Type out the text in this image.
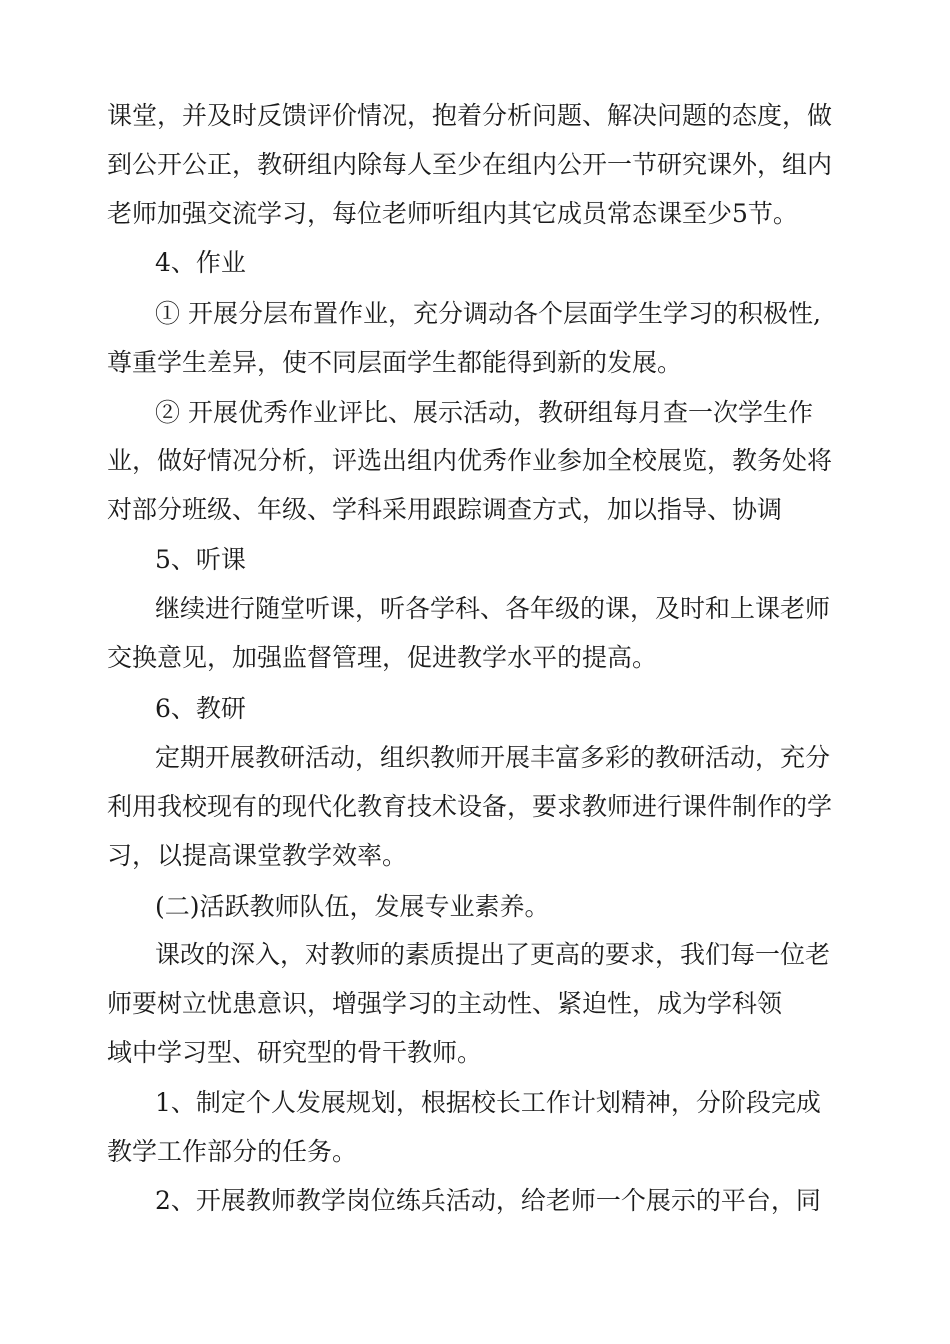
课堂，并及时反馈评价情况，抱着分析问题、解决问题的态度，做
到公开公正，教研组内除每人至少在组内公开一节研究课外，组内
老师加强交流学习，每位老师听组内其它成员常态课至少5节。
4、作业
① 开展分层布置作业，充分调动各个层面学生学习的积极性,
尊重学生差异，使不同层面学生都能得到新的发展。
② 开展优秀作业评比、展示活动，教研组每月查一次学生作
业，做好情况分析，评选出组内优秀作业参加全校展览，教务处将
对部分班级、年级、学科采用跟踪调查方式，加以指导、协调
5、听课
继续进行随堂听课，听各学科、各年级的课，及时和上课老师
交换意见，加强监督管理，促进教学水平的提高。
6、教研
定期开展教研活动，组织教师开展丰富多彩的教研活动，充分
利用我校现有的现代化教育技术设备，要求教师进行课件制作的学
习，以提高课堂教学效率。
(二)活跃教师队伍，发展专业素养。
课改的深入，对教师的素质提出了更高的要求，我们每一位老
师要树立忧患意识，增强学习的主动性、紧迫性，成为学科领
域中学习型、研究型的骨干教师。
1、制定个人发展规划，根据校长工作计划精神，分阶段完成
教学工作部分的任务。
2、开展教师教学岗位练兵活动，给老师一个展示的平台，同
